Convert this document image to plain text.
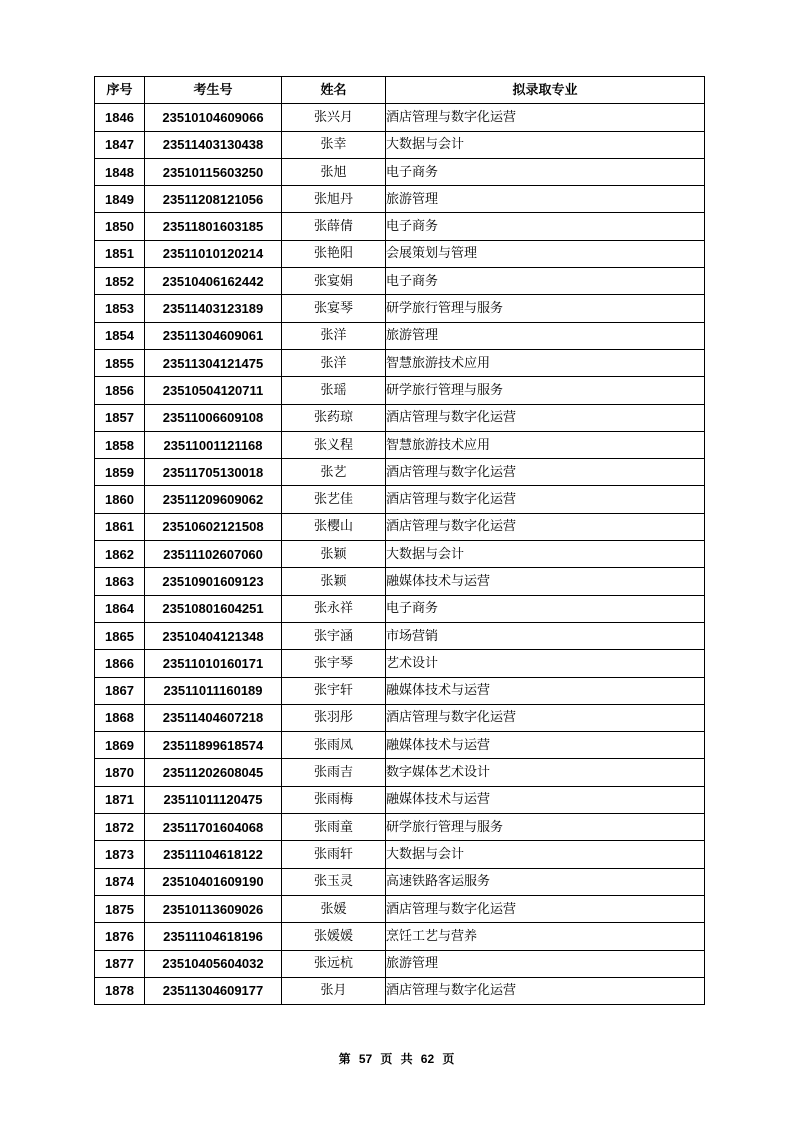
序号	考生号	姓名	拟录取专业
1846	23510104609066	张兴月	酒店管理与数字化运营
1847	23511403130438	张幸	大数据与会计
1848	23510115603250	张旭	电子商务
1849	23511208121056	张旭丹	旅游管理
1850	23511801603185	张薛倩	电子商务
1851	23511010120214	张艳阳	会展策划与管理
1852	23510406162442	张宴娟	电子商务
1853	23511403123189	张宴琴	研学旅行管理与服务
1854	23511304609061	张洋	旅游管理
1855	23511304121475	张洋	智慧旅游技术应用
1856	23510504120711	张瑶	研学旅行管理与服务
1857	23511006609108	张药琼	酒店管理与数字化运营
1858	23511001121168	张义程	智慧旅游技术应用
1859	23511705130018	张艺	酒店管理与数字化运营
1860	23511209609062	张艺佳	酒店管理与数字化运营
1861	23510602121508	张樱山	酒店管理与数字化运营
1862	23511102607060	张颖	大数据与会计
1863	23510901609123	张颖	融媒体技术与运营
1864	23510801604251	张永祥	电子商务
1865	23510404121348	张宇涵	市场营销
1866	23511010160171	张宇琴	艺术设计
1867	23511011160189	张宇轩	融媒体技术与运营
1868	23511404607218	张羽彤	酒店管理与数字化运营
1869	23511899618574	张雨凤	融媒体技术与运营
1870	23511202608045	张雨吉	数字媒体艺术设计
1871	23511011120475	张雨梅	融媒体技术与运营
1872	23511701604068	张雨童	研学旅行管理与服务
1873	23511104618122	张雨轩	大数据与会计
1874	23510401609190	张玉灵	高速铁路客运服务
1875	23510113609026	张媛	酒店管理与数字化运营
1876	23511104618196	张媛媛	烹饪工艺与营养
1877	23510405604032	张远杭	旅游管理
1878	23511304609177	张月	酒店管理与数字化运营
第 57 页 共 62 页
